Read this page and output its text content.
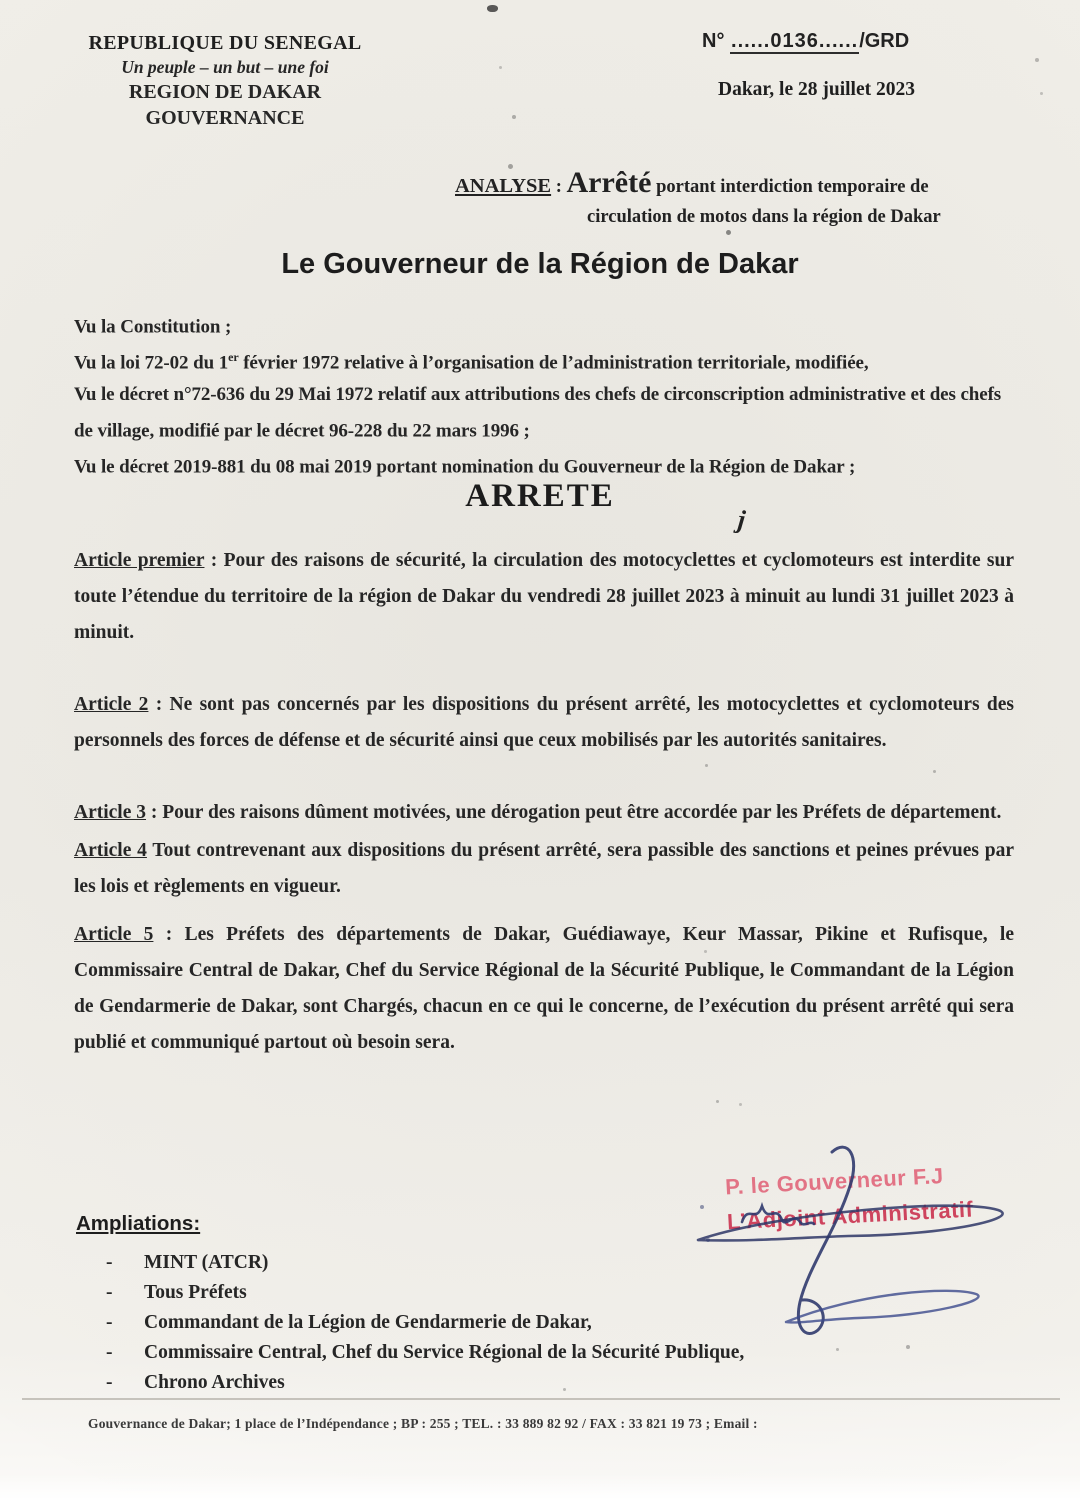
REPUBLIQUE DU SENEGAL
Un peuple – un but – une foi
REGION DE DAKAR
GOUVERNANCE
N° ......0136....../GRD
Dakar, le 28 juillet 2023
ANALYSE : Arrêté portant interdiction temporaire de
circulation de motos dans la région de Dakar
Le Gouverneur de la Région de Dakar
Vu la Constitution ;
Vu la loi 72-02 du 1er février 1972 relative à l’organisation de l’administration territoriale, modifiée,
Vu le décret n°72-636 du 29 Mai 1972 relatif aux attributions des chefs de circonscription administrative et des chefs de village, modifié par le décret 96-228 du 22 mars 1996 ;
Vu le décret 2019-881 du 08 mai 2019 portant nomination du Gouverneur de la Région de Dakar ;
ARRETE
j
Article premier : Pour des raisons de sécurité, la circulation des motocyclettes et cyclomoteurs est interdite sur toute l’étendue du territoire de la région de Dakar du vendredi 28 juillet 2023 à minuit au lundi 31 juillet 2023 à minuit.
Article 2 : Ne sont pas concernés par les dispositions du présent arrêté, les motocyclettes et cyclomoteurs des personnels des forces de défense et de sécurité ainsi que ceux mobilisés par les autorités sanitaires.
Article 3 : Pour des raisons dûment motivées, une dérogation peut être accordée par les Préfets de département.
Article 4 Tout contrevenant aux dispositions du présent arrêté, sera passible des sanctions et peines prévues par les lois et règlements en vigueur.
Article 5 : Les Préfets des départements de Dakar, Guédiawaye, Keur Massar, Pikine et Rufisque, le Commissaire Central de Dakar, Chef du Service Régional de la Sécurité Publique, le Commandant de la Légion de Gendarmerie de Dakar, sont Chargés, chacun en ce qui le concerne, de l’exécution du présent arrêté qui sera publié et communiqué partout où besoin sera.
P. le Gouverneur F.J
L’Adjoint Administratif
Ampliations:
- MINT (ATCR)
- Tous Préfets
- Commandant de la Légion de Gendarmerie de Dakar,
- Commissaire Central, Chef du Service Régional de la Sécurité Publique,
- Chrono Archives
Gouvernance de Dakar; 1 place de l’Indépendance ; BP : 255 ; TEL. : 33 889 82 92 / FAX : 33 821 19 73 ; Email :
